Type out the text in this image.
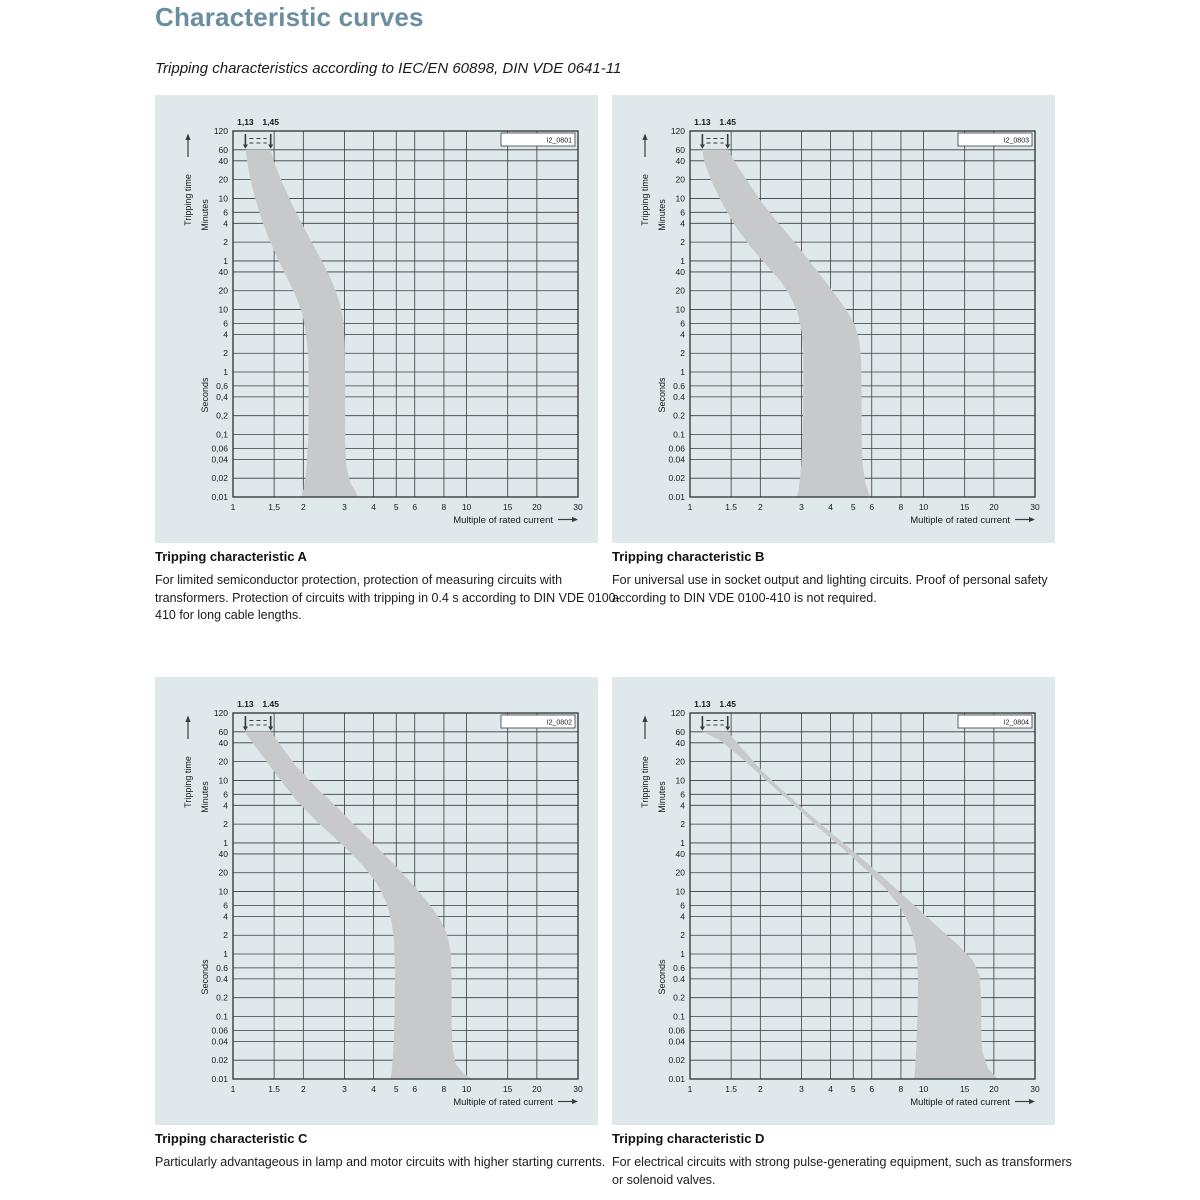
Characteristic curves

Tripping characteristics according to IEC/EN 60898, DIN VDE 0641-11

1,13 1,45
I2_0801
120
60
40
20
10
6
4
2
1
40
20
10
6
4
2
1
0,6
0,4
0,2
0,1
0,06
0,04
0,02
0,01
1	1,5 2	3	4 5 6	8 10	15 20	30
Tripping time Minutes
Seconds
Multiple of rated current
1.13 1.45
I2_0803
120
60
40
20
10
6
4
2
1
40
20
10
6
4
2
1
0.6
0.4
0.2
0.1
0.06
0.04
0.02
0.01
1	1.5 2	3	4 5 6	8 10	15 20	30
Tripping time Minutes
Seconds
Multiple of rated current
1.13 1.45
I2_0802
120
60
40
20
10
6
4
2
1
40
20
10
6
4
2
1
0.6
0.4
0.2
0.1
0.06
0.04
0.02
0.01
1	1.5 2	3	4 5 6	8 10	15 20	30
Tripping time Minutes
Seconds
Multiple of rated current
1.13 1.45
I2_0804
120
60
40
20
10
6
4
2
1
40
20
10
6
4
2
1
0.6
0.4
0.2
0.1
0.06
0.04
0.02
0.01
1	1.5 2	3	4 5 6	8 10	15 20	30
Tripping time Minutes
Seconds
Multiple of rated current
Tripping characteristic A

For limited semiconductor protection, protection of measuring circuits with transformers. Protection of circuits with tripping in 0.4 s according to DIN VDE 0100-410 for long cable lengths.

Tripping characteristic B

For universal use in socket output and lighting circuits. Proof of personal safety according to DIN VDE 0100-410 is not required.

Tripping characteristic C

Particularly advantageous in lamp and motor circuits with higher starting currents.

Tripping characteristic D

For electrical circuits with strong pulse-generating equipment, such as transformers or solenoid valves.
